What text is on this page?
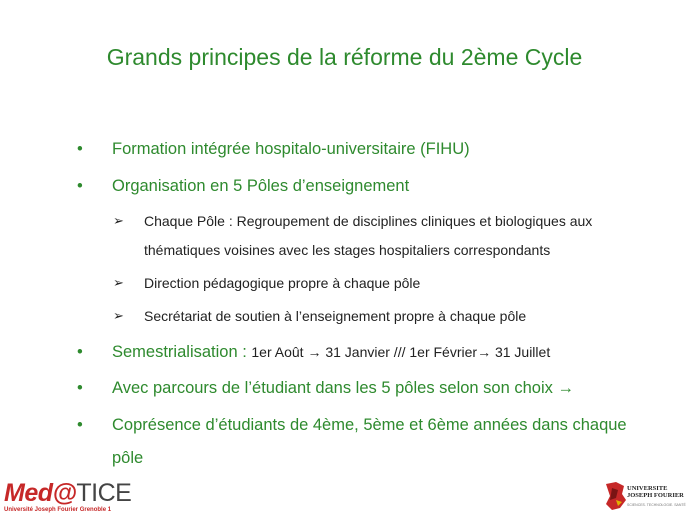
Grands principes de la réforme du 2ème Cycle
• Formation intégrée hospitalo-universitaire (FIHU)
• Organisation en 5 Pôles d’enseignement
➢ Chaque Pôle : Regroupement de disciplines cliniques et biologiques aux
thématiques voisines avec les stages hospitaliers correspondants
➢ Direction pédagogique propre à chaque pôle
➢ Secrétariat de soutien à l’enseignement propre à chaque pôle
• Semestrialisation : 1er Août → 31 Janvier /// 1er Février→ 31 Juillet
• Avec parcours de l’étudiant dans les 5 pôles selon son choix →
• Coprésence d’étudiants de 4ème, 5ème et 6ème années dans chaque
pôle
Med@TICE
Université Joseph Fourier Grenoble 1
UNIVERSITE
JOSEPH FOURIER
SCIENCES. TECHNOLOGIE. SANTÉ
